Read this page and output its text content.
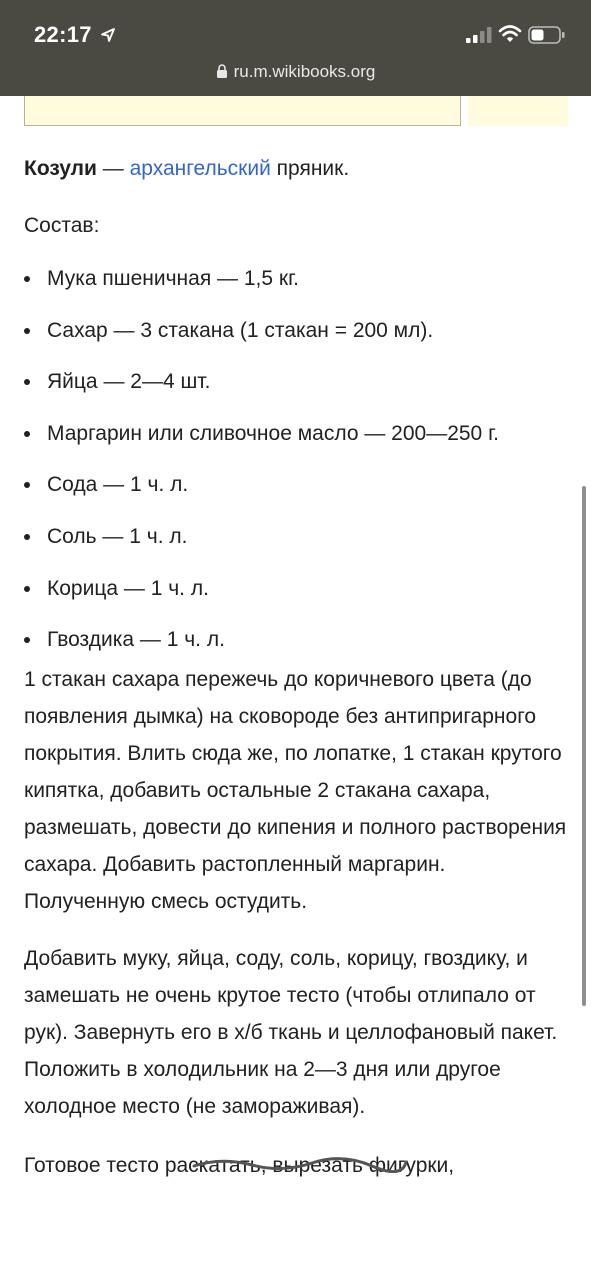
22:17
ru.m.wikibooks.org

Козули — архангельский пряник.

Состав:

Мука пшеничная — 1,5 кг.
Сахар — 3 стакана (1 стакан = 200 мл).
Яйца — 2—4 шт.
Маргарин или сливочное масло — 200—250 г.
Сода — 1 ч. л.
Соль — 1 ч. л.
Корица — 1 ч. л.
Гвоздика — 1 ч. л.

1 стакан сахара пережечь до коричневого цвета (до появления дымка) на сковороде без антипригарного покрытия. Влить сюда же, по лопатке, 1 стакан крутого кипятка, добавить остальные 2 стакана сахара, размешать, довести до кипения и полного растворения сахара. Добавить растопленный маргарин. Полученную смесь остудить.

Добавить муку, яйца, соду, соль, корицу, гвоздику, и замешать не очень крутое тесто (чтобы отлипало от рук). Завернуть его в х/б ткань и целлофановый пакет. Положить в холодильник на 2—3 дня или другое холодное место (не замораживая).

Готовое тесто раскатать, вырезать фигурки,
